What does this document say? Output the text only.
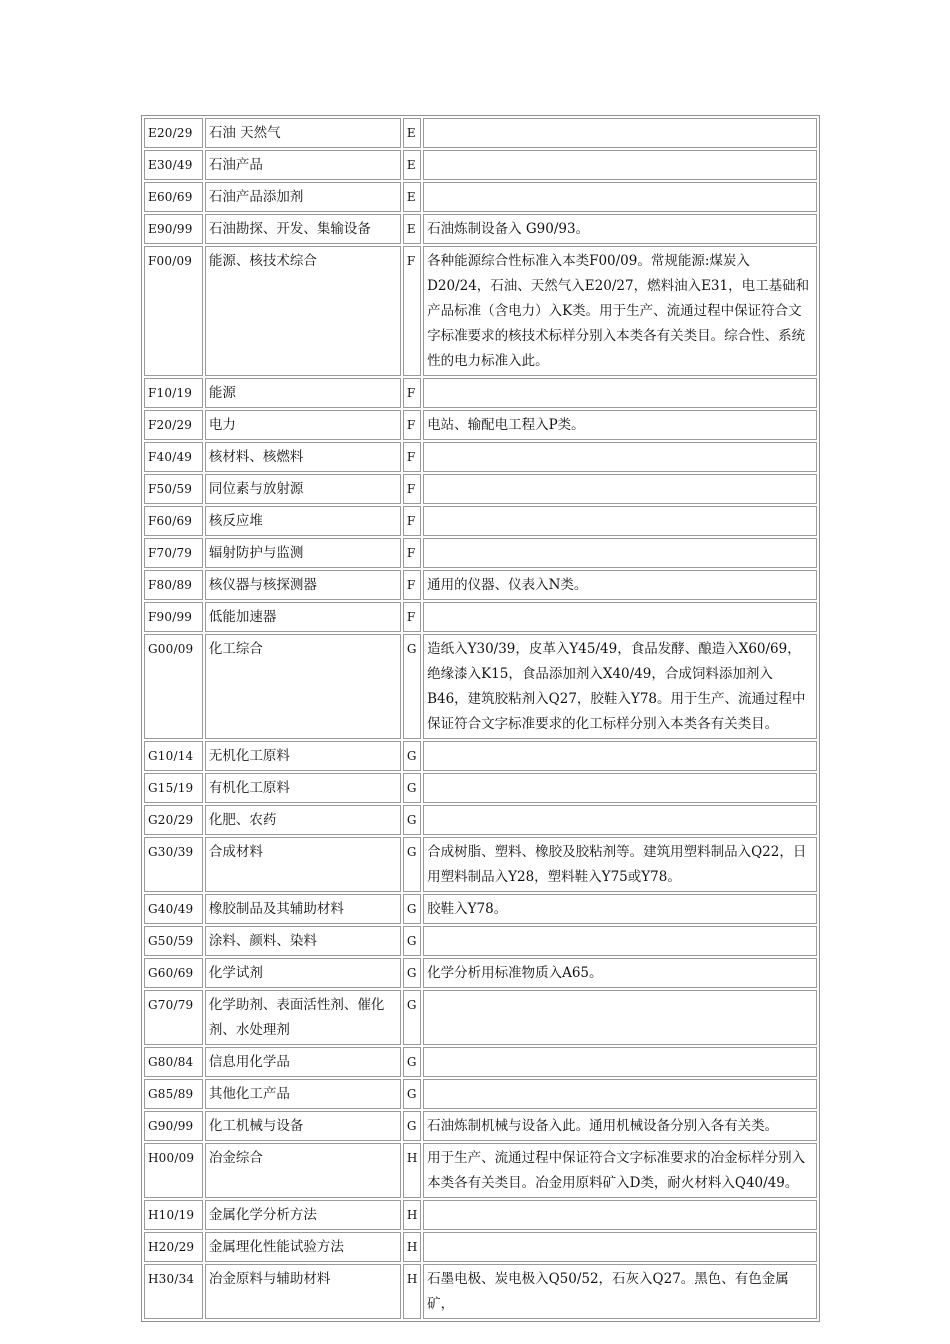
E20/29	石油 天然气	E	
E30/49	石油产品	E	
E60/69	石油产品添加剂	E	
E90/99	石油勘探、开发、集输设备	E	石油炼制设备入 G90/93。
F00/09	能源、核技术综合	F	各种能源综合性标准入本类F00/09。常规能源:煤炭入D20/24，石油、天然气入E20/27，燃料油入E31，电工基础和产品标准（含电力）入K类。用于生产、流通过程中保证符合文字标准要求的核技术标样分别入本类各有关类目。综合性、系统性的电力标准入此。
F10/19	能源	F	
F20/29	电力	F	电站、输配电工程入P类。
F40/49	核材料、核燃料	F	
F50/59	同位素与放射源	F	
F60/69	核反应堆	F	
F70/79	辐射防护与监测	F	
F80/89	核仪器与核探测器	F	通用的仪器、仪表入N类。
F90/99	低能加速器	F	
G00/09	化工综合	G	造纸入Y30/39，皮革入Y45/49，食品发酵、酿造入X60/69，绝缘漆入K15，食品添加剂入X40/49，合成饲料添加剂入B46，建筑胶粘剂入Q27，胶鞋入Y78。用于生产、流通过程中保证符合文字标准要求的化工标样分别入本类各有关类目。
G10/14	无机化工原料	G	
G15/19	有机化工原料	G	
G20/29	化肥、农药	G	
G30/39	合成材料	G	合成树脂、塑料、橡胶及胶粘剂等。建筑用塑料制品入Q22，日用塑料制品入Y28，塑料鞋入Y75或Y78。
G40/49	橡胶制品及其辅助材料	G	胶鞋入Y78。
G50/59	涂料、颜料、染料	G	
G60/69	化学试剂	G	化学分析用标准物质入A65。
G70/79	化学助剂、表面活性剂、催化剂、水处理剂	G	
G80/84	信息用化学品	G	
G85/89	其他化工产品	G	
G90/99	化工机械与设备	G	石油炼制机械与设备入此。通用机械设备分别入各有关类。
H00/09	冶金综合	H	用于生产、流通过程中保证符合文字标准要求的冶金标样分别入本类各有关类目。冶金用原料矿入D类，耐火材料入Q40/49。
H10/19	金属化学分析方法	H	
H20/29	金属理化性能试验方法	H	
H30/34	冶金原料与辅助材料	H	石墨电极、炭电极入Q50/52，石灰入Q27。黑色、有色金属矿，
